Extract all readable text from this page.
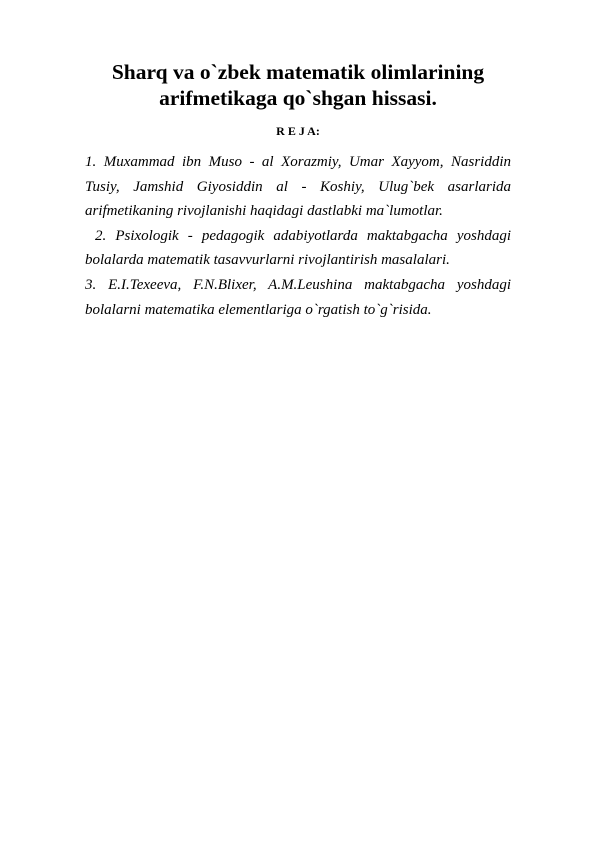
Sharq va o`zbek matematik olimlarining
arifmetikaga qo`shgan hissasi.
R E J A:

1. Muxammad ibn Muso - al Xorazmiy, Umar Xayyom, Nasriddin Tusiy, Jamshid Giyosiddin al - Koshiy, Ulug`bek asarlarida arifmetikaning rivojlanishi haqidagi dastlabki ma`lumotlar.

2. Psixologik - pedagogik adabiyotlarda maktabgacha yoshdagi bolalarda matematik tasavvurlarni rivojlantirish masalalari.

3. E.I.Texeeva, F.N.Blixer, A.M.Leushina maktabgacha yoshdagi bolalarni matematika elementlariga o`rgatish to`g`risida.
